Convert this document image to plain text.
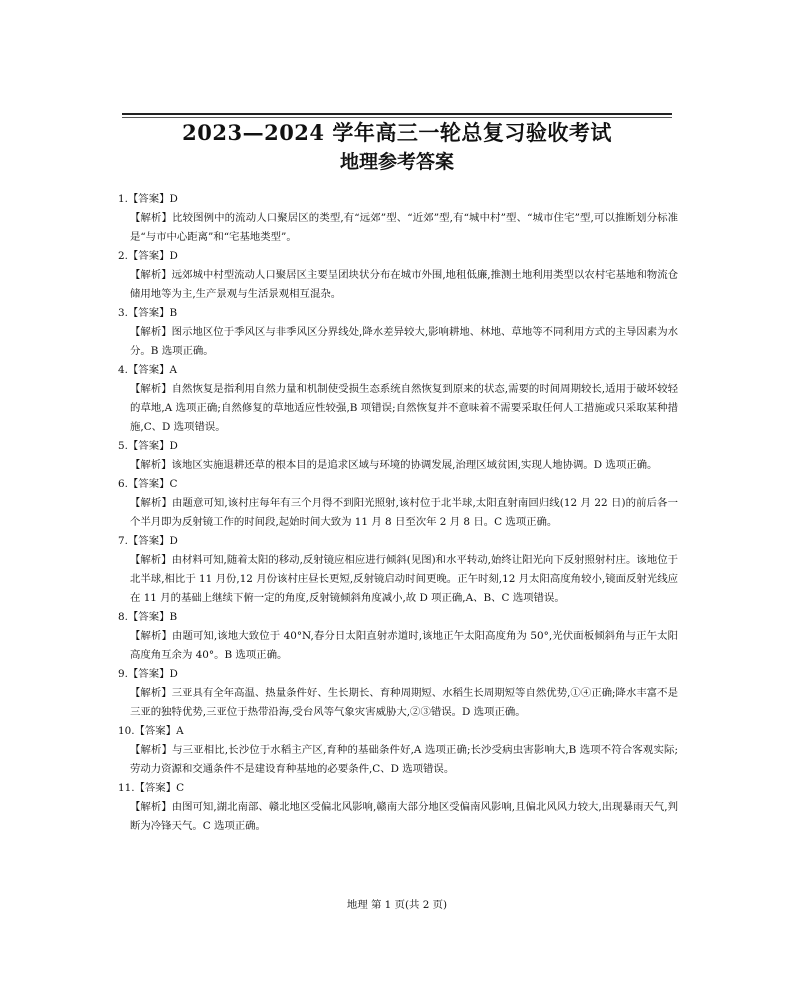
2023—2024 学年高三一轮总复习验收考试
地理参考答案
1.【答案】D
【解析】比较图例中的流动人口聚居区的类型,有“远郊”型、“近郊”型,有“城中村”型、“城市住宅”型,可以推断划分标准是“与市中心距离”和“宅基地类型”。
2.【答案】D
【解析】远郊城中村型流动人口聚居区主要呈团块状分布在城市外围,地租低廉,推测土地利用类型以农村宅基地和物流仓储用地等为主,生产景观与生活景观相互混杂。
3.【答案】B
【解析】图示地区位于季风区与非季风区分界线处,降水差异较大,影响耕地、林地、草地等不同利用方式的主导因素为水分。B 选项正确。
4.【答案】A
【解析】自然恢复是指利用自然力量和机制使受损生态系统自然恢复到原来的状态,需要的时间周期较长,适用于破坏较轻的草地,A 选项正确;自然修复的草地适应性较强,B 项错误;自然恢复并不意味着不需要采取任何人工措施或只采取某种措施,C、D 选项错误。
5.【答案】D
【解析】该地区实施退耕还草的根本目的是追求区域与环境的协调发展,治理区域贫困,实现人地协调。D 选项正确。
6.【答案】C
【解析】由题意可知,该村庄每年有三个月得不到阳光照射,该村位于北半球,太阳直射南回归线(12 月 22 日)的前后各一个半月即为反射镜工作的时间段,起始时间大致为 11 月 8 日至次年 2 月 8 日。C 选项正确。
7.【答案】D
【解析】由材料可知,随着太阳的移动,反射镜应相应进行倾斜(见图)和水平转动,始终让阳光向下反射照射村庄。该地位于北半球,相比于 11 月份,12 月份该村庄昼长更短,反射镜启动时间更晚。正午时刻,12 月太阳高度角较小,镜面反射光线应在 11 月的基础上继续下俯一定的角度,反射镜倾斜角度减小,故 D 项正确,A、B、C 选项错误。
8.【答案】B
【解析】由题可知,该地大致位于 40°N,春分日太阳直射赤道时,该地正午太阳高度角为 50°,光伏面板倾斜角与正午太阳高度角互余为 40°。B 选项正确。
9.【答案】D
【解析】三亚具有全年高温、热量条件好、生长期长、育种周期短、水稻生长周期短等自然优势,①④正确;降水丰富不是三亚的独特优势,三亚位于热带沿海,受台风等气象灾害威胁大,②③错误。D 选项正确。
10.【答案】A
【解析】与三亚相比,长沙位于水稻主产区,育种的基础条件好,A 选项正确;长沙受病虫害影响大,B 选项不符合客观实际;劳动力资源和交通条件不是建设育种基地的必要条件,C、D 选项错误。
11.【答案】C
【解析】由图可知,湖北南部、赣北地区受偏北风影响,赣南大部分地区受偏南风影响,且偏北风风力较大,出现暴雨天气,判断为冷锋天气。C 选项正确。
地理 第 1 页(共 2 页)
